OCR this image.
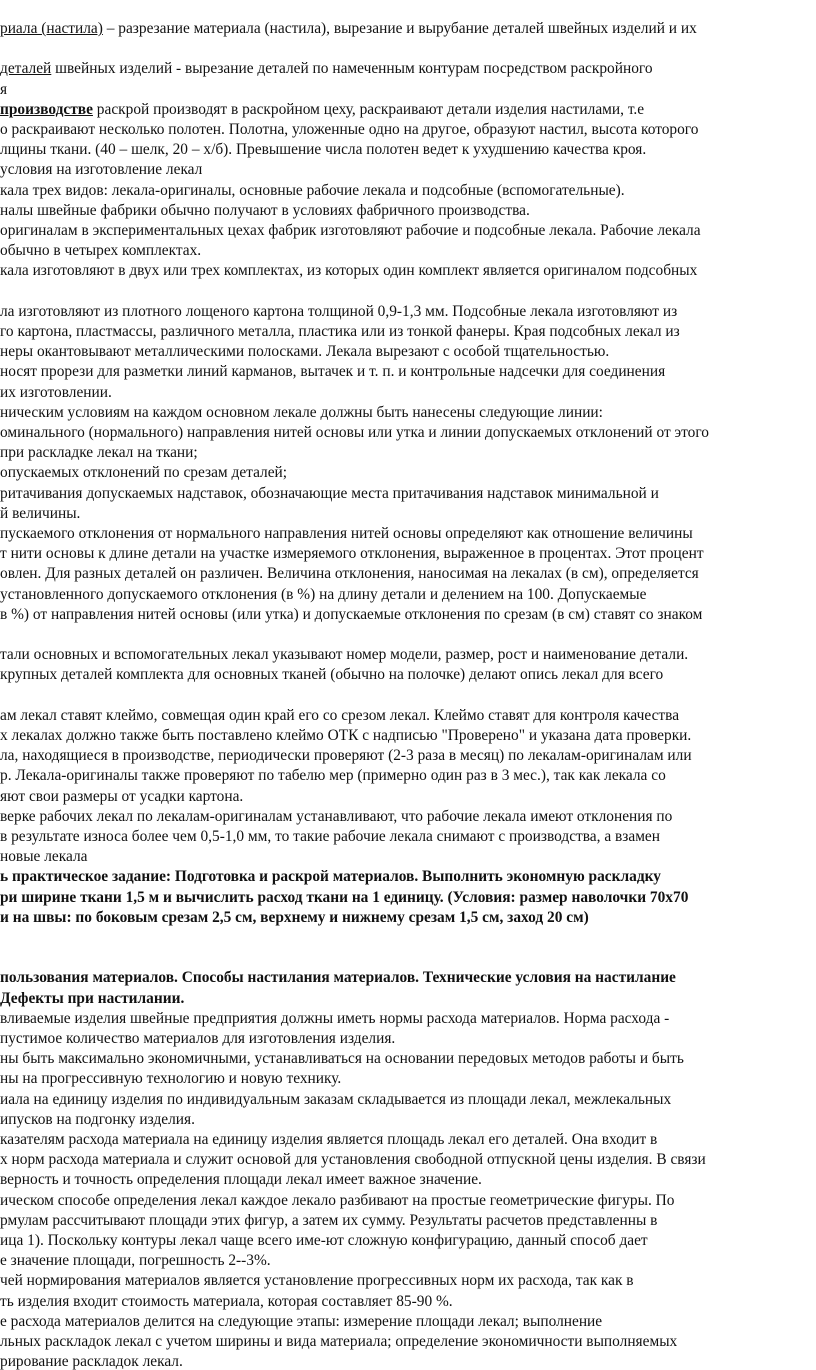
риала (настила) – разрезание материала (настила), вырезание и вырубание деталей швейных изделий и их

деталей швейных изделий - вырезание деталей по намеченным контурам посредством раскройного

я

производстве раскрой производят в раскройном цеху, раскраивают детали изделия настилами, т.е

о раскраивают несколько полотен. Полотна, уложенные одно на другое, образуют настил, высота которого

лщины ткани. (40 – шелк, 20 – х/б). Превышение числа полотен ведет к ухудшению качества кроя.

условия на изготовление лекал

кала трех видов: лекала-оригиналы, основные рабочие лекала и подсобные (вспомогательные).

налы швейные фабрики обычно получают в условиях фабричного производства.

оригиналам в экспериментальных цехах фабрик изготовляют рабочие и подсобные лекала. Рабочие лекала

обычно в четырех комплектах.

кала изготовляют в двух или трех комплектах, из которых один комплект является оригиналом подсобных

ла изготовляют из плотного лощеного картона толщиной 0,9-1,3 мм. Подсобные лекала изготовляют из

го картона, пластмассы, различного металла, пластика или из тонкой фанеры. Края подсобных лекал из

неры окантовывают металлическими полосками. Лекала вырезают с особой тщательностью.

носят прорези для разметки линий карманов, вытачек и т. п. и контрольные надсечки для соединения

их изготовлении.

ническим условиям на каждом основном лекале должны быть нанесены следующие линии:

оминального (нормального) направления нитей основы или утка и линии допускаемых отклонений от этого

при раскладке лекал на ткани;

опускаемых отклонений по срезам деталей;

ритачивания допускаемых надставок, обозначающие места притачивания надставок минимальной и

й величины.

пускаемого отклонения от нормального направления нитей основы определяют как отношение величины

т нити основы к длине детали на участке измеряемого отклонения, выраженное в процентах. Этот процент

овлен. Для разных деталей он различен. Величина отклонения, наносимая на лекалах (в см), определяется

установленного допускаемого отклонения (в %) на длину детали и делением на 100. Допускаемые

в %) от направления нитей основы (или утка) и допускаемые отклонения по срезам (в см) ставят со знаком

тали основных и вспомогательных лекал указывают номер модели, размер, рост и наименование детали.

крупных деталей комплекта для основных тканей (обычно на полочке) делают опись лекал для всего

ам лекал ставят клеймо, совмещая один край его со срезом лекал. Клеймо ставят для контроля качества

х лекалах должно также быть поставлено клеймо ОТК с надписью "Проверено" и указана дата проверки.

ла, находящиеся в производстве, периодически проверяют (2-3 раза в месяц) по лекалам-оригиналам или

р. Лекала-оригиналы также проверяют по табелю мер (примерно один раз в 3 мес.), так как лекала со

яют свои размеры от усадки картона.

верке рабочих лекал по лекалам-оригиналам устанавливают, что рабочие лекала имеют отклонения по

в результате износа более чем 0,5-1,0 мм, то такие рабочие лекала снимают с производства, а взамен

новые лекала

ь практическое задание: Подготовка и раскрой материалов. Выполнить экономную раскладку

ри ширине ткани 1,5 м и вычислить расход ткани на 1 единицу. (Условия: размер наволочки 70х70

и на швы: по боковым срезам 2,5 см, верхнему и нижнему срезам 1,5 см, заход 20 см)

пользования материалов. Способы настилания материалов. Технические условия на настилание

Дефекты при настилании.

вливаемые изделия швейные предприятия должны иметь нормы расхода материалов. Норма расхода -

пустимое количество материалов для изготовления изделия.

ны быть максимально экономичными, устанавливаться на основании передовых методов работы и быть

ны на прогрессивную технологию и новую технику.

иала на единицу изделия по индивидуальным заказам складывается из площади лекал, межлекальных

ипусков на подгонку изделия.

казателям расхода материала на единицу изделия является площадь лекал его деталей. Она входит в

х норм расхода материала и служит основой для установления свободной отпускной цены изделия. В связи

верность и точность определения площади лекал имеет важное значение.

ическом способе определения лекал каждое лекало разбивают на простые геометрические фигуры. По

рмулам рассчитывают площади этих фигур, а затем их сумму. Результаты расчетов представленны в

ица 1). Поскольку контуры лекал чаще всего име-ют сложную конфигурацию, данный способ дает

е значение площади, погрешность 2--3%.

чей нормирования материалов является установление прогрессивных норм их расхода, так как в

ть изделия входит стоимость материала, которая составляет 85-90 %.

е расхода материалов делится на следующие этапы: измерение площади лекал; выполнение

льных раскладок лекал с учетом ширины и вида материала; определение экономичности выполняемых

рирование раскладок лекал.
